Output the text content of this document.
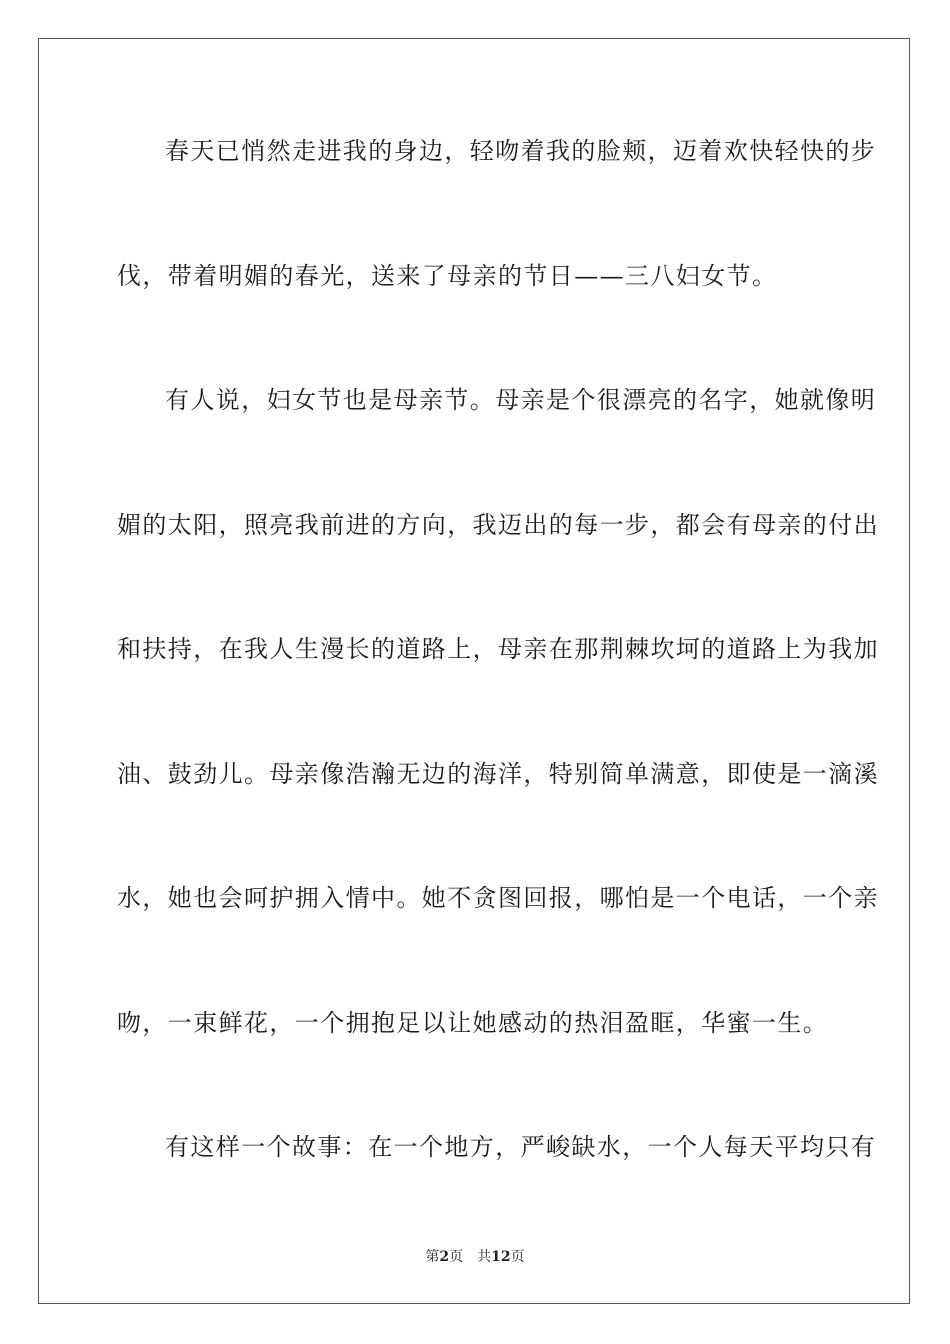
春天已悄然走进我的身边，轻吻着我的脸颊，迈着欢快轻快的步
伐，带着明媚的春光，送来了母亲的节日——三八妇女节。
有人说，妇女节也是母亲节。母亲是个很漂亮的名字，她就像明
媚的太阳，照亮我前进的方向，我迈出的每一步，都会有母亲的付出
和扶持，在我人生漫长的道路上，母亲在那荆棘坎坷的道路上为我加
油、鼓劲儿。母亲像浩瀚无边的海洋，特别简单满意，即使是一滴溪
水，她也会呵护拥入情中。她不贪图回报，哪怕是一个电话，一个亲
吻，一束鲜花，一个拥抱足以让她感动的热泪盈眶，华蜜一生。
有这样一个故事：在一个地方，严峻缺水，一个人每天平均只有
第2页 共12页
